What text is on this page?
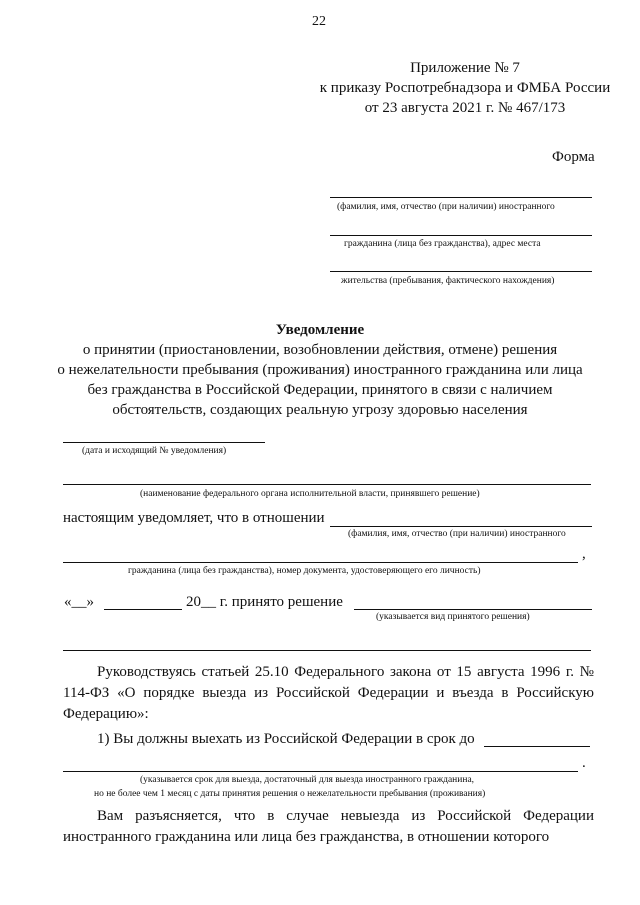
22
Приложение № 7
к приказу Роспотребнадзора и ФМБА России
от 23 августа 2021 г. № 467/173
Форма
(фамилия, имя, отчество (при наличии) иностранного
гражданина (лица без гражданства), адрес места
жительства (пребывания, фактического нахождения)
Уведомление
о принятии (приостановлении, возобновлении действия, отмене) решения
о нежелательности пребывания (проживания) иностранного гражданина или лица
без гражданства в Российской Федерации, принятого в связи с наличием
обстоятельств, создающих реальную угрозу здоровью населения
(дата и исходящий № уведомления)
(наименование федерального органа исполнительной власти, принявшего решение)
настоящим уведомляет, что в отношении
(фамилия, имя, отчество (при наличии) иностранного
,
гражданина (лица без гражданства), номер документа, удостоверяющего его личность)
«__»	20__ г. принято решение
(указывается вид принятого решения)
Руководствуясь статьей 25.10 Федерального закона от 15 августа 1996 г. № 114-ФЗ «О порядке выезда из Российской Федерации и въезда в Российскую Федерацию»:
1) Вы должны выехать из Российской Федерации в срок до
.
(указывается срок для выезда, достаточный для выезда иностранного гражданина,
но не более чем 1 месяц с даты принятия решения о нежелательности пребывания (проживания)
Вам разъясняется, что в случае невыезда из Российской Федерации иностранного гражданина или лица без гражданства, в отношении которого
